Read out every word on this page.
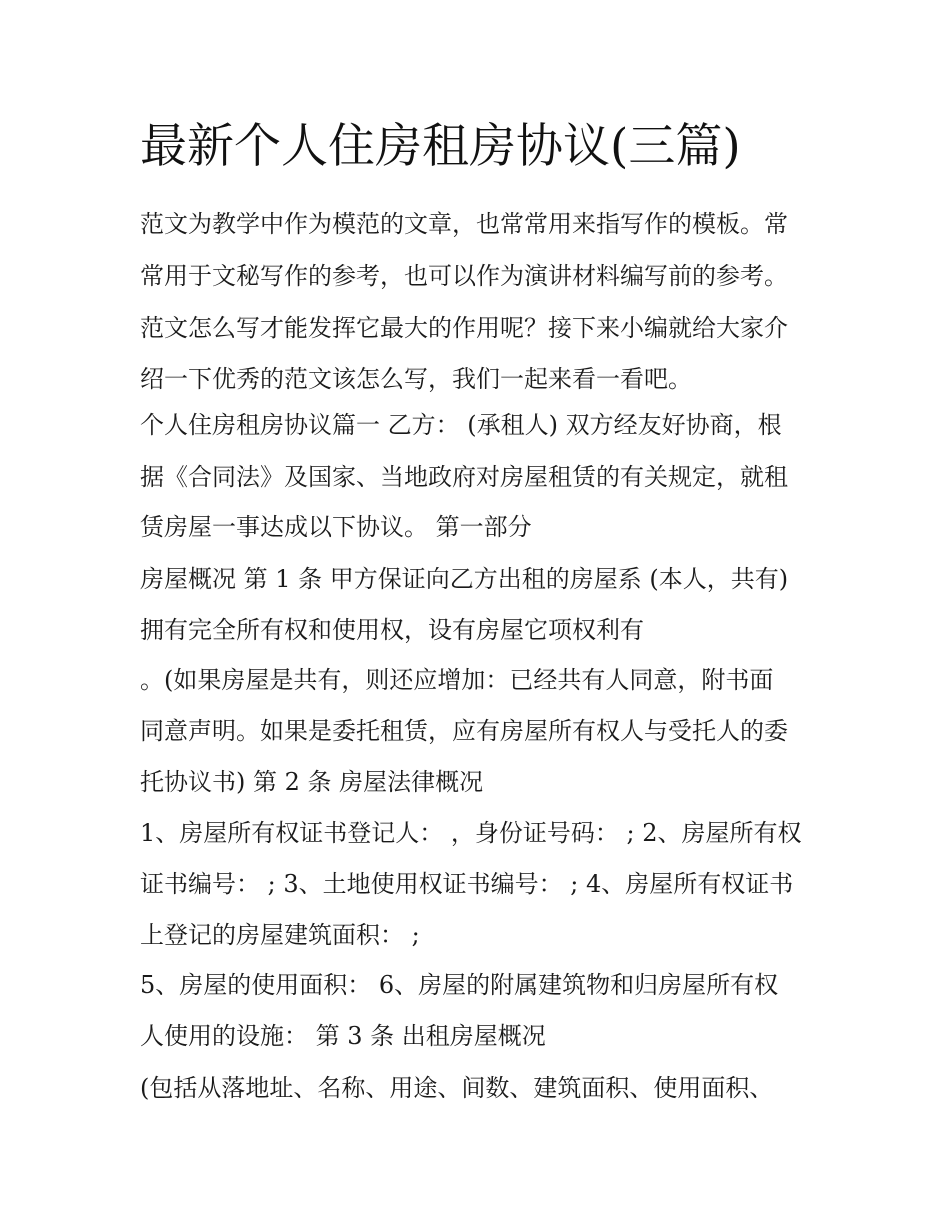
最新个人住房租房协议(三篇)

范文为教学中作为模范的文章，也常常用来指写作的模板。常

常用于文秘写作的参考，也可以作为演讲材料编写前的参考。

范文怎么写才能发挥它最大的作用呢？接下来小编就给大家介

绍一下优秀的范文该怎么写，我们一起来看一看吧。

个人住房租房协议篇一 乙方： (承租人) 双方经友好协商，根

据《合同法》及国家、当地政府对房屋租赁的有关规定，就租

赁房屋一事达成以下协议。 第一部分

房屋概况 第 1 条 甲方保证向乙方出租的房屋系 (本人，共有)

拥有完全所有权和使用权，设有房屋它项权利有

。(如果房屋是共有，则还应增加：已经共有人同意，附书面

同意声明。如果是委托租赁，应有房屋所有权人与受托人的委

托协议书) 第 2 条 房屋法律概况

1、房屋所有权证书登记人： ，身份证号码： ; 2、房屋所有权

证书编号： ; 3、土地使用权证书编号： ; 4、房屋所有权证书

上登记的房屋建筑面积： ;

5、房屋的使用面积： 6、房屋的附属建筑物和归房屋所有权

人使用的设施： 第 3 条 出租房屋概况

(包括从落地址、名称、用途、间数、建筑面积、使用面积、
